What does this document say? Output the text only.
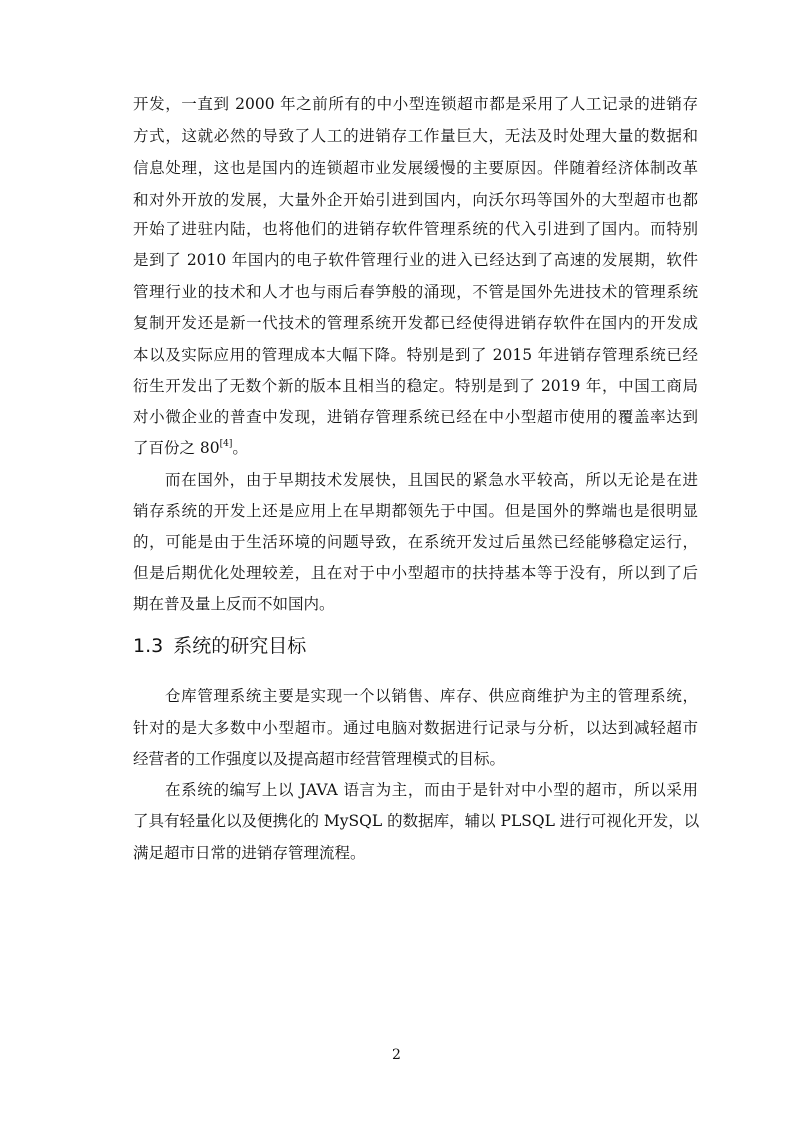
开发，一直到 2000 年之前所有的中小型连锁超市都是采用了人工记录的进销存

方式，这就必然的导致了人工的进销存工作量巨大，无法及时处理大量的数据和

信息处理，这也是国内的连锁超市业发展缓慢的主要原因。伴随着经济体制改革

和对外开放的发展，大量外企开始引进到国内，向沃尔玛等国外的大型超市也都

开始了进驻内陆，也将他们的进销存软件管理系统的代入引进到了国内。而特别

是到了 2010 年国内的电子软件管理行业的进入已经达到了高速的发展期，软件

管理行业的技术和人才也与雨后春笋般的涌现，不管是国外先进技术的管理系统

复制开发还是新一代技术的管理系统开发都已经使得进销存软件在国内的开发成

本以及实际应用的管理成本大幅下降。特别是到了 2015 年进销存管理系统已经

衍生开发出了无数个新的版本且相当的稳定。特别是到了 2019 年，中国工商局

对小微企业的普查中发现，进销存管理系统已经在中小型超市使用的覆盖率达到

了百份之 80[4]。

而在国外，由于早期技术发展快，且国民的紧急水平较高，所以无论是在进

销存系统的开发上还是应用上在早期都领先于中国。但是国外的弊端也是很明显

的，可能是由于生活环境的问题导致，在系统开发过后虽然已经能够稳定运行，

但是后期优化处理较差，且在对于中小型超市的扶持基本等于没有，所以到了后

期在普及量上反而不如国内。

1.3 系统的研究目标

仓库管理系统主要是实现一个以销售、库存、供应商维护为主的管理系统，

针对的是大多数中小型超市。通过电脑对数据进行记录与分析，以达到减轻超市

经营者的工作强度以及提高超市经营管理模式的目标。

在系统的编写上以 JAVA 语言为主，而由于是针对中小型的超市，所以采用

了具有轻量化以及便携化的 MySQL 的数据库，辅以 PLSQL 进行可视化开发，以

满足超市日常的进销存管理流程。

2
